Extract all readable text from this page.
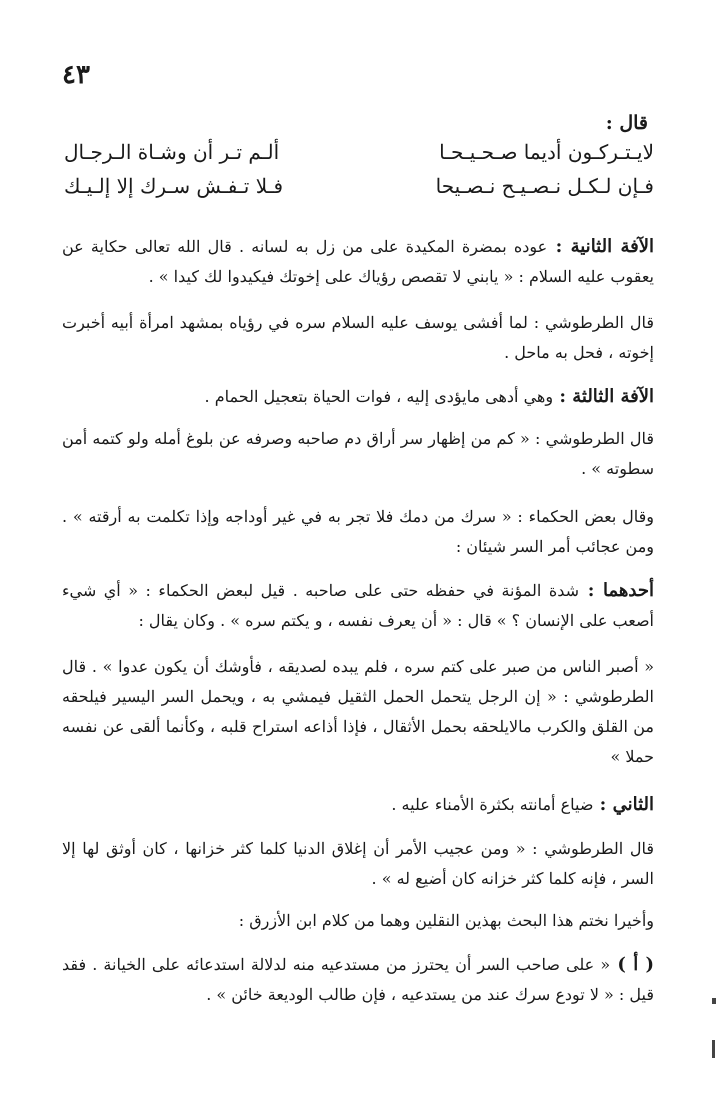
٤٣
قال :
ألـم تـر أن وشـاة الـرجـال	لايـتـركـون أديما صـحـيـحـا
فـلا تـفـش سـرك إلا إلـيـك	فـإن لـكـل نـصـيـح نـصـيحا
الآفة الثانية : عوده بمضرة المكيدة على من زل به لسانه . قال الله تعالى حكاية عن يعقوب عليه السلام : « يابني لا تقصص رؤياك على إخوتك فيكيدوا لك كيدا » .
قال الطرطوشي : لما أفشى يوسف عليه السلام سره في رؤياه بمشهد امرأة أبيه أخبرت إخوته ، فحل به ماحل .
الآفة الثالثة : وهي أدهى مايؤدى إليه ، فوات الحياة بتعجيل الحمام .
قال الطرطوشي : « كم من إظهار سر أراق دم صاحبه وصرفه عن بلوغ أمله ولو كتمه أمن سطوته » .
وقال بعض الحكماء : « سرك من دمك فلا تجر به في غير أوداجه وإذا تكلمت به أرقته » . ومن عجائب أمر السر شيئان :
أحدهما : شدة المؤنة في حفظه حتى على صاحبه . قيل لبعض الحكماء : « أي شيء أصعب على الإنسان ؟ » قال : « أن يعرف نفسه ، و يكتم سره » . وكان يقال :
« أصبر الناس من صبر على كتم سره ، فلم يبده لصديقه ، فأوشك أن يكون عدوا » . قال الطرطوشي : « إن الرجل يتحمل الحمل الثقيل فيمشي به ، ويحمل السر اليسير فيلحقه من القلق والكرب مالايلحقه بحمل الأثقال ، فإذا أذاعه استراح قلبه ، وكأنما ألقى عن نفسه حملا »
الثاني : ضياع أمانته بكثرة الأمناء عليه .
قال الطرطوشي : « ومن عجيب الأمر أن إغلاق الدنيا كلما كثر خزانها ، كان أوثق لها إلا السر ، فإنه كلما كثر خزانه كان أضيع له » .
وأخيرا نختم هذا البحث بهذين النقلين وهما من كلام ابن الأزرق :
( أ ) « على صاحب السر أن يحترز من مستدعيه منه لدلالة استدعائه على الخيانة . فقد قيل : « لا تودع سرك عند من يستدعيه ، فإن طالب الوديعة خائن » .
